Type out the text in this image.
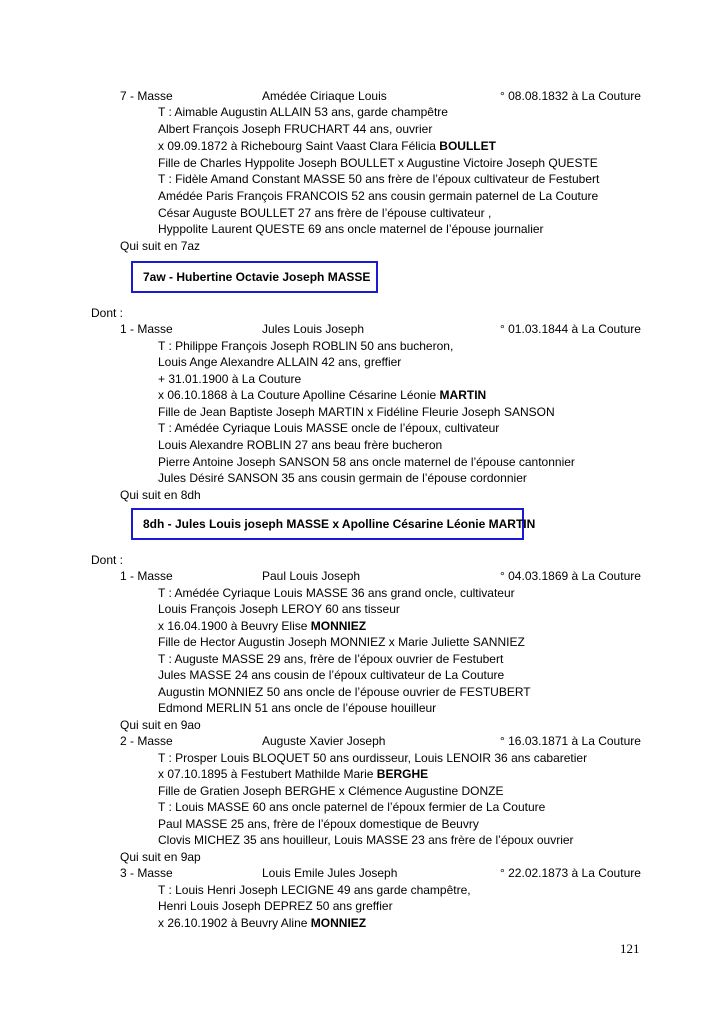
7 - Masse	Amédée Ciriaque Louis	° 08.08.1832 à La Couture
T : Aimable Augustin ALLAIN 53 ans, garde champêtre
Albert François Joseph FRUCHART 44 ans, ouvrier
x 09.09.1872 à Richebourg Saint Vaast Clara Félicia BOULLET
Fille de Charles Hyppolite Joseph BOULLET x Augustine Victoire Joseph QUESTE
T : Fidèle Amand Constant MASSE 50 ans frère de l’époux cultivateur de Festubert
Amédée Paris François FRANCOIS 52 ans cousin germain paternel de La Couture
César Auguste BOULLET 27 ans frère de l’épouse cultivateur ,
Hyppolite Laurent QUESTE 69 ans oncle maternel de l’épouse journalier
Qui suit en 7az
7aw - Hubertine Octavie Joseph MASSE
Dont :
1 - Masse	Jules Louis Joseph	° 01.03.1844 à La Couture
T : Philippe François Joseph ROBLIN 50 ans bucheron,
Louis Ange Alexandre ALLAIN 42 ans, greffier
+ 31.01.1900 à La Couture
x 06.10.1868 à La Couture Apolline Césarine Léonie MARTIN
Fille de Jean Baptiste Joseph MARTIN x Fidéline Fleurie Joseph SANSON
T : Amédée Cyriaque Louis MASSE oncle de l’époux, cultivateur
Louis Alexandre ROBLIN 27 ans beau frère bucheron
Pierre Antoine Joseph SANSON 58 ans oncle maternel de l’épouse cantonnier
Jules Désiré SANSON 35 ans cousin germain de l’épouse cordonnier
Qui suit en 8dh
8dh - Jules Louis joseph MASSE x Apolline Césarine Léonie MARTIN
Dont :
1 - Masse	Paul Louis Joseph	° 04.03.1869 à La Couture
T : Amédée Cyriaque Louis MASSE 36 ans grand oncle, cultivateur
Louis François Joseph LEROY 60 ans tisseur
x 16.04.1900 à Beuvry Elise MONNIEZ
Fille de Hector Augustin Joseph MONNIEZ x Marie Juliette SANNIEZ
T : Auguste MASSE 29 ans, frère de l’époux ouvrier de Festubert
Jules MASSE 24 ans cousin de l’époux cultivateur de La Couture
Augustin MONNIEZ 50 ans oncle de l’épouse ouvrier de FESTUBERT
Edmond MERLIN 51 ans oncle de l’épouse houilleur
Qui suit en 9ao
2 - Masse	Auguste Xavier Joseph	° 16.03.1871 à La Couture
T : Prosper Louis BLOQUET 50 ans ourdisseur, Louis LENOIR 36 ans cabaretier
x 07.10.1895 à Festubert Mathilde Marie BERGHE
Fille de Gratien Joseph BERGHE x Clémence Augustine DONZE
T : Louis MASSE 60 ans oncle paternel de l’époux fermier de La Couture
Paul MASSE 25 ans, frère de l’époux domestique de Beuvry
Clovis MICHEZ 35 ans houilleur, Louis MASSE 23 ans frère de l’époux ouvrier
Qui suit en 9ap
3 - Masse	Louis Emile Jules Joseph	° 22.02.1873 à La Couture
T : Louis Henri Joseph LECIGNE 49 ans garde champêtre,
Henri Louis Joseph DEPREZ 50 ans greffier
x 26.10.1902 à Beuvry Aline MONNIEZ
121
